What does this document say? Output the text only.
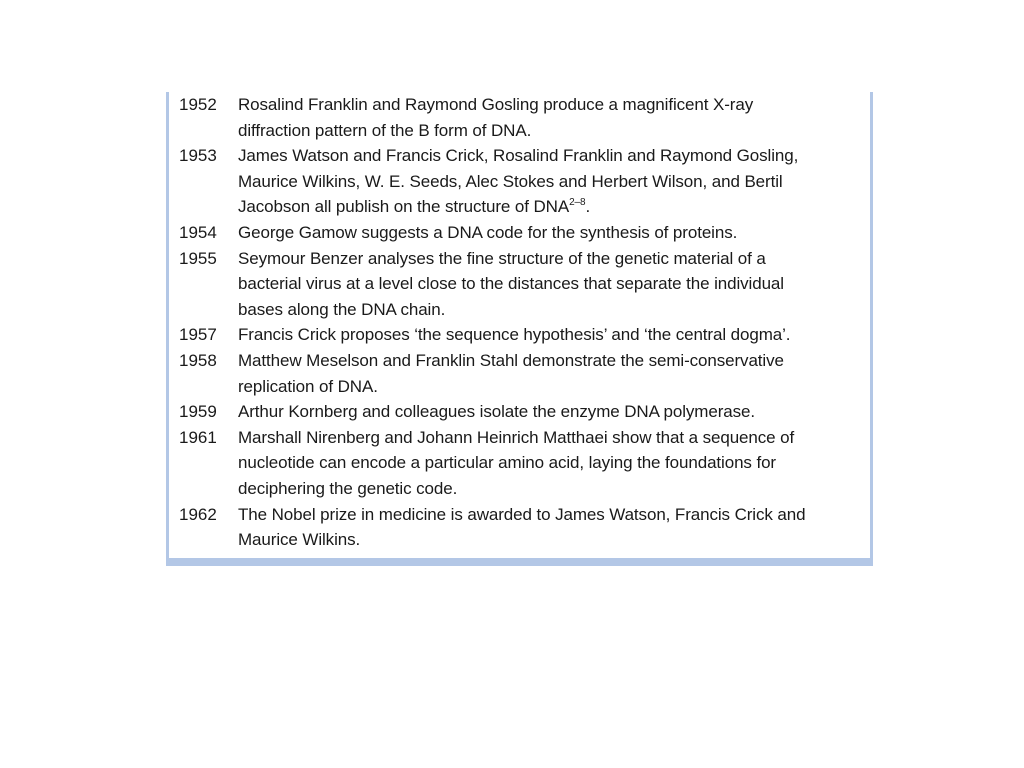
1952	Rosalind Franklin and Raymond Gosling produce a magnificent X-ray
diffraction pattern of the B form of DNA.
1953	James Watson and Francis Crick, Rosalind Franklin and Raymond Gosling,
Maurice Wilkins, W. E. Seeds, Alec Stokes and Herbert Wilson, and Bertil
Jacobson all publish on the structure of DNA$^{2-8}$.
1954	George Gamow suggests a DNA code for the synthesis of proteins.
1955	Seymour Benzer analyses the fine structure of the genetic material of a
bacterial virus at a level close to the distances that separate the individual
bases along the DNA chain.
1957	Francis Crick proposes ‘the sequence hypothesis’ and ‘the central dogma’.
1958	Matthew Meselson and Franklin Stahl demonstrate the semi-conservative
replication of DNA.
1959	Arthur Kornberg and colleagues isolate the enzyme DNA polymerase.
1961	Marshall Nirenberg and Johann Heinrich Matthaei show that a sequence of
nucleotide can encode a particular amino acid, laying the foundations for
deciphering the genetic code.
1962	The Nobel prize in medicine is awarded to James Watson, Francis Crick and
Maurice Wilkins.
